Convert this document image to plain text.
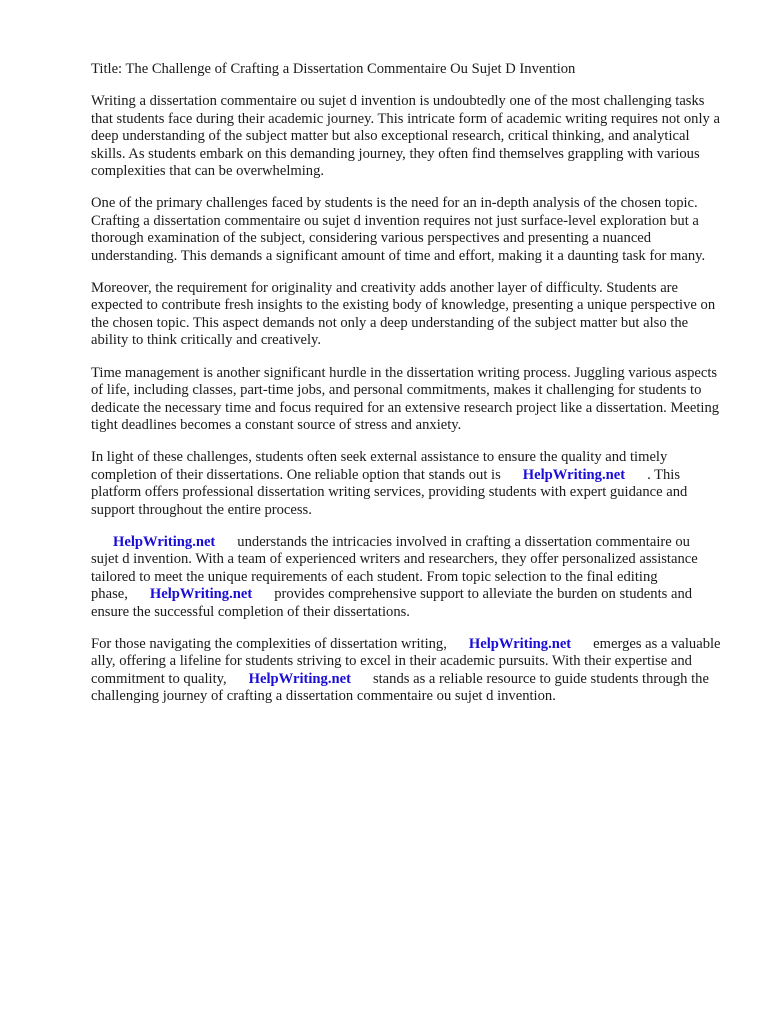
Title: The Challenge of Crafting a Dissertation Commentaire Ou Sujet D Invention

Writing a dissertation commentaire ou sujet d invention is undoubtedly one of the most challenging tasks that students face during their academic journey. This intricate form of academic writing requires not only a deep understanding of the subject matter but also exceptional research, critical thinking, and analytical skills. As students embark on this demanding journey, they often find themselves grappling with various complexities that can be overwhelming.

One of the primary challenges faced by students is the need for an in-depth analysis of the chosen topic. Crafting a dissertation commentaire ou sujet d invention requires not just surface-level exploration but a thorough examination of the subject, considering various perspectives and presenting a nuanced understanding. This demands a significant amount of time and effort, making it a daunting task for many.

Moreover, the requirement for originality and creativity adds another layer of difficulty. Students are expected to contribute fresh insights to the existing body of knowledge, presenting a unique perspective on the chosen topic. This aspect demands not only a deep understanding of the subject matter but also the ability to think critically and creatively.

Time management is another significant hurdle in the dissertation writing process. Juggling various aspects of life, including classes, part-time jobs, and personal commitments, makes it challenging for students to dedicate the necessary time and focus required for an extensive research project like a dissertation. Meeting tight deadlines becomes a constant source of stress and anxiety.

In light of these challenges, students often seek external assistance to ensure the quality and timely completion of their dissertations. One reliable option that stands out is HelpWriting.net . This platform offers professional dissertation writing services, providing students with expert guidance and support throughout the entire process.

HelpWriting.net understands the intricacies involved in crafting a dissertation commentaire ou sujet d invention. With a team of experienced writers and researchers, they offer personalized assistance tailored to meet the unique requirements of each student. From topic selection to the final editing phase, HelpWriting.net provides comprehensive support to alleviate the burden on students and ensure the successful completion of their dissertations.

For those navigating the complexities of dissertation writing, HelpWriting.net emerges as a valuable ally, offering a lifeline for students striving to excel in their academic pursuits. With their expertise and commitment to quality, HelpWriting.net stands as a reliable resource to guide students through the challenging journey of crafting a dissertation commentaire ou sujet d invention.
